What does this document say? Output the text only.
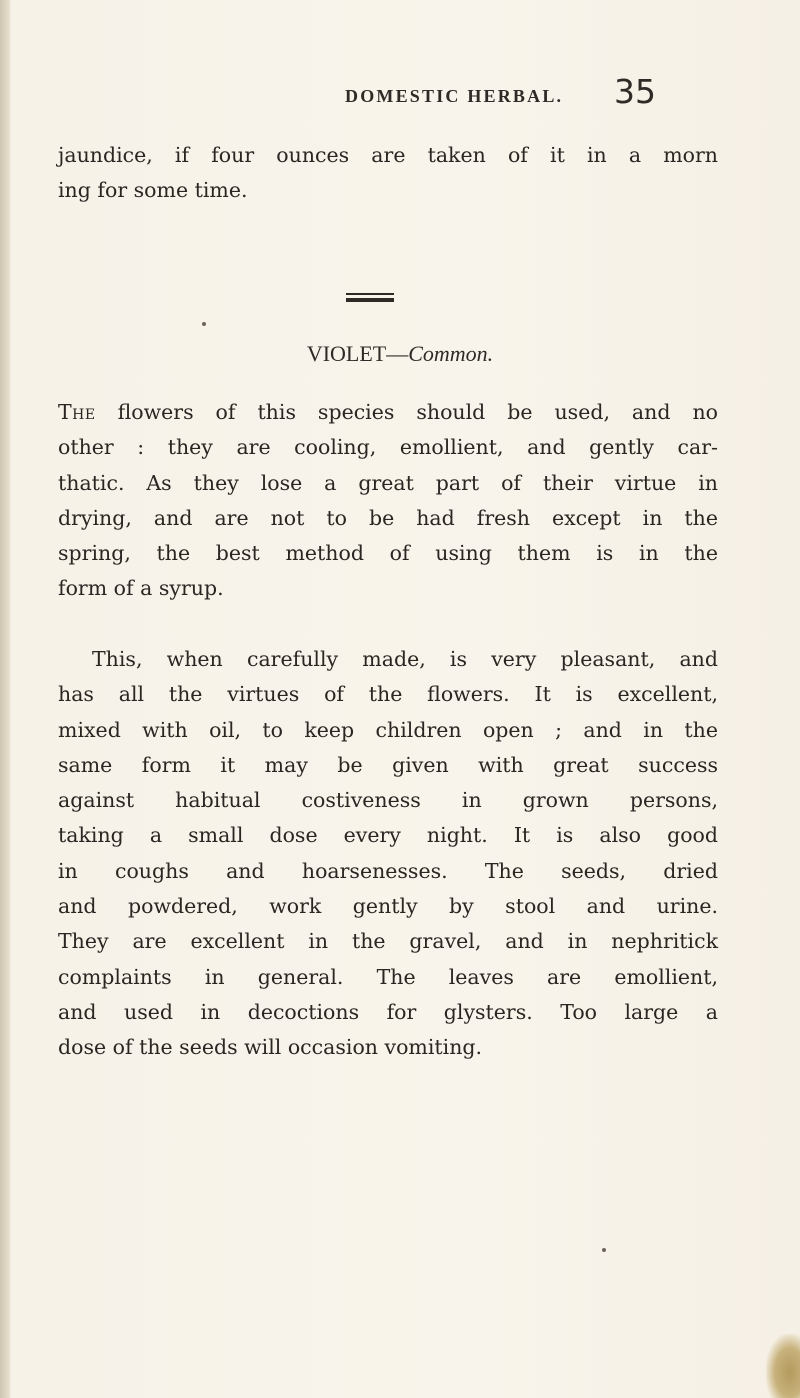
DOMESTIC HERBAL. 35
jaundice, if four ounces are taken of it in a morn
ing for some time.
VIOLET—Common.
The flowers of this species should be used, and no
other : they are cooling, emollient, and gently car-
thatic. As they lose a great part of their virtue in
drying, and are not to be had fresh except in the
spring, the best method of using them is in the
form of a syrup.
This, when carefully made, is very pleasant, and
has all the virtues of the flowers. It is excellent,
mixed with oil, to keep children open ; and in the
same form it may be given with great success
against habitual costiveness in grown persons,
taking a small dose every night. It is also good
in coughs and hoarsenesses. The seeds, dried
and powdered, work gently by stool and urine.
They are excellent in the gravel, and in nephritick
complaints in general. The leaves are emollient,
and used in decoctions for glysters. Too large a
dose of the seeds will occasion vomiting.
